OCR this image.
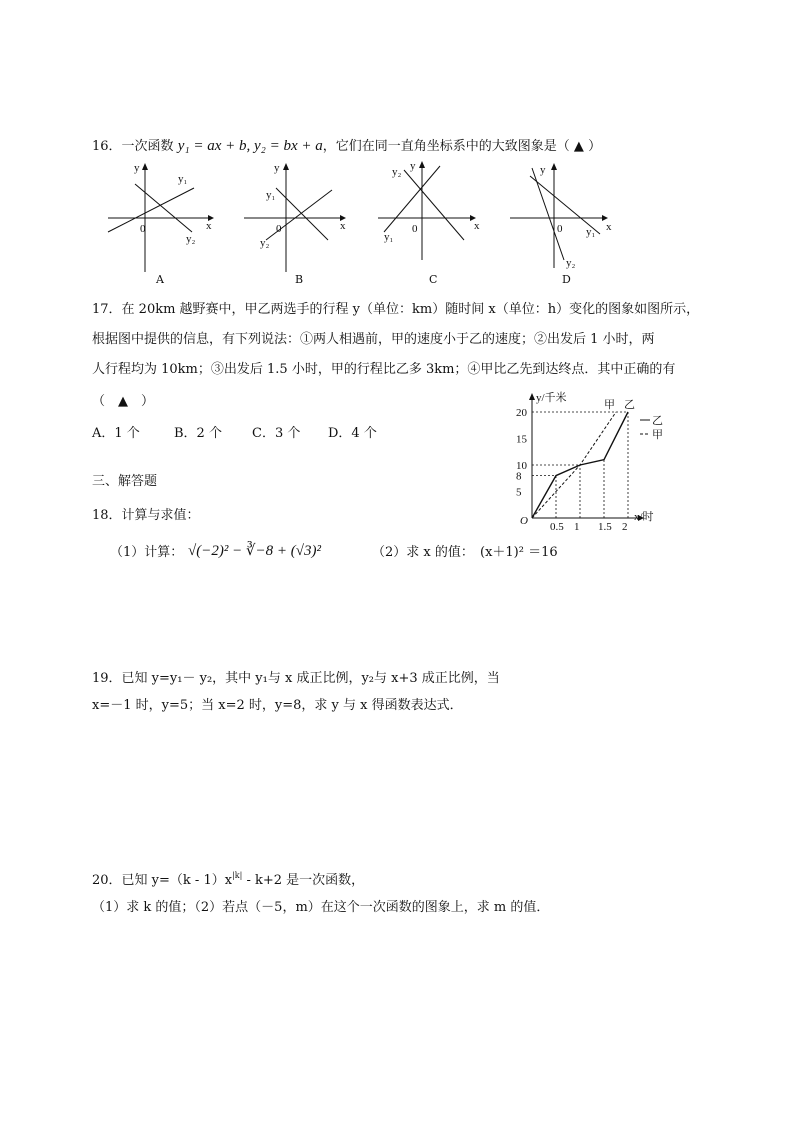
16．一次函数 y₁ = ax + b, y₂ = bx + a，它们在同一直角坐标系中的大致图象是（ ▲ ）
y
x
0
y₁
y₂
A
y
x
0
y₁
y₂
B
y
x
0
y₂
y₁
C
y
x
0 y₁
y₂
D
17．在 20km 越野赛中，甲乙两选手的行程 y（单位：km）随时间 x（单位：h）变化的图象如图所示，
根据图中提供的信息，有下列说法：①两人相遇前，甲的速度小于乙的速度；②出发后 1 小时，两
人行程均为 10km；③出发后 1.5 小时，甲的行程比乙多 3km；④甲比乙先到达终点．其中正确的有
（　▲　）
A．1 个	B．2 个 C．3 个 D．4 个
0.5 1 1.5 2
5
8
10
15
20
O
y/千米
x/时
甲 乙
乙
甲
三、解答题
18．计算与求值：
（1）计算： √(−2)² − ∛−8 + (√3)²	（2）求 x 的值： (x＋1)² ＝16
19．已知 y=y₁－ y₂，其中 y₁与 x 成正比例，y₂与 x+3 成正比例，当
x=－1 时，y=5；当 x=2 时，y=8，求 y 与 x 得函数表达式．
20．已知 $y=(k - 1)x^{|k|} - k+2$ 是一次函数，
（1）求 k 的值；（2）若点（－5，m）在这个一次函数的图象上，求 m 的值．
